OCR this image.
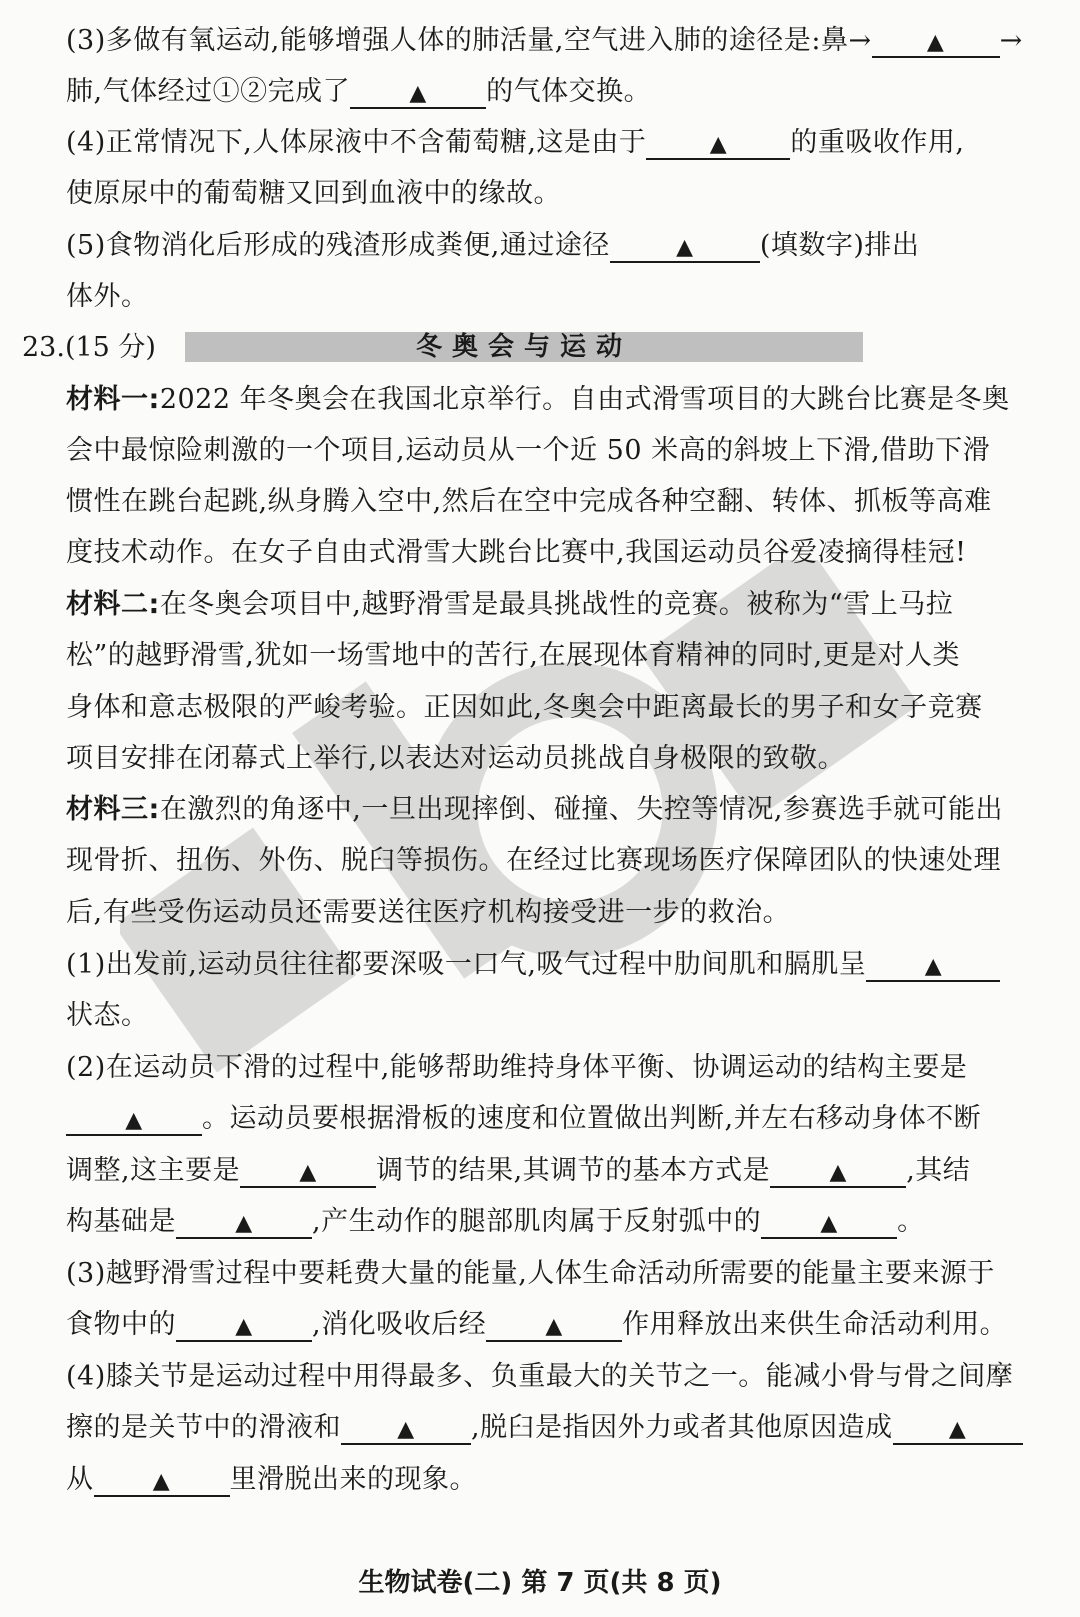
(3)多做有氧运动,能够增强人体的肺活量,空气进入肺的途径是:鼻→	▲ →
肺,气体经过①②完成了	▲ 的气体交换。
(4)正常情况下,人体尿液中不含葡萄糖,这是由于	▲ 的重吸收作用,
使原尿中的葡萄糖又回到血液中的缘故。
(5)食物消化后形成的残渣形成粪便,通过途径	▲ (填数字)排出
体外。
23.(15 分)	冬奥会与运动
材料一:2022 年冬奥会在我国北京举行。自由式滑雪项目的大跳台比赛是冬奥
会中最惊险刺激的一个项目,运动员从一个近 50 米高的斜坡上下滑,借助下滑
惯性在跳台起跳,纵身腾入空中,然后在空中完成各种空翻、转体、抓板等高难
度技术动作。在女子自由式滑雪大跳台比赛中,我国运动员谷爱凌摘得桂冠!
材料二:在冬奥会项目中,越野滑雪是最具挑战性的竞赛。被称为“雪上马拉
松”的越野滑雪,犹如一场雪地中的苦行,在展现体育精神的同时,更是对人类
身体和意志极限的严峻考验。正因如此,冬奥会中距离最长的男子和女子竞赛
项目安排在闭幕式上举行,以表达对运动员挑战自身极限的致敬。
材料三:在激烈的角逐中,一旦出现摔倒、碰撞、失控等情况,参赛选手就可能出
现骨折、扭伤、外伤、脱臼等损伤。在经过比赛现场医疗保障团队的快速处理
后,有些受伤运动员还需要送往医疗机构接受进一步的救治。
(1)出发前,运动员往往都要深吸一口气,吸气过程中肋间肌和膈肌呈	▲
状态。
(2)在运动员下滑的过程中,能够帮助维持身体平衡、协调运动的结构主要是
▲ 。运动员要根据滑板的速度和位置做出判断,并左右移动身体不断
调整,这主要是	▲ 调节的结果,其调节的基本方式是	▲ ,其结
构基础是	▲ ,产生动作的腿部肌肉属于反射弧中的	▲ 。
(3)越野滑雪过程中要耗费大量的能量,人体生命活动所需要的能量主要来源于
食物中的	▲ ,消化吸收后经	▲ 作用释放出来供生命活动利用。
(4)膝关节是运动过程中用得最多、负重最大的关节之一。能减小骨与骨之间摩
擦的是关节中的滑液和	▲ ,脱臼是指因外力或者其他原因造成	▲
从	▲ 里滑脱出来的现象。
生物试卷(二) 第 7 页(共 8 页)
